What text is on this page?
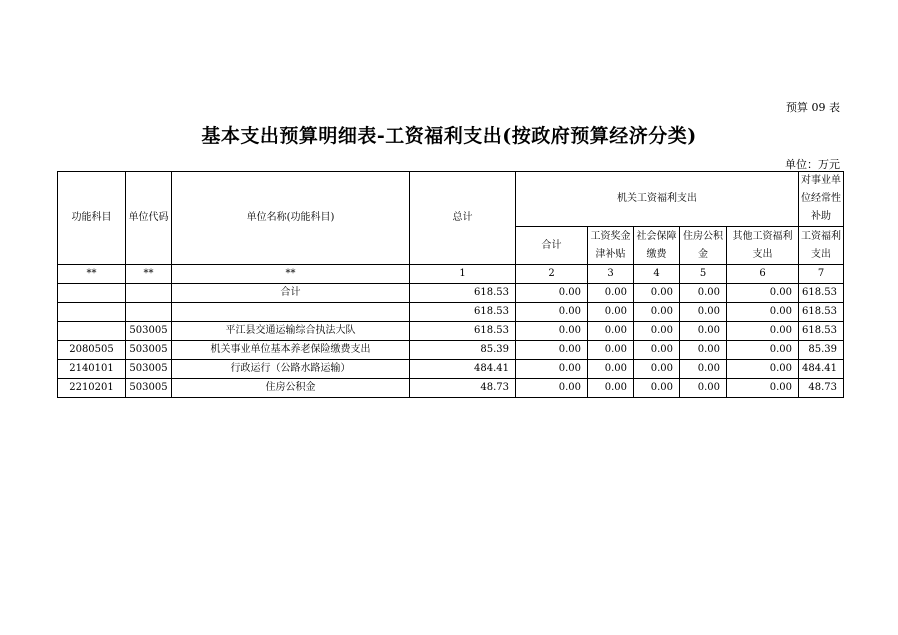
预算 09 表
基本支出预算明细表-工资福利支出(按政府预算经济分类)
单位：万元
功能科目	单位代码	单位名称(功能科目)	总计	机关工资福利支出					对事业单位经常性补助
				合计	工资奖金津补贴	社会保障缴费	住房公积金	其他工资福利支出	工资福利支出
**	**	**	1	2	3	4	5	6	7
		合计	618.53	0.00	0.00	0.00	0.00	0.00	618.53
			618.53	0.00	0.00	0.00	0.00	0.00	618.53
	503005	平江县交通运输综合执法大队	618.53	0.00	0.00	0.00	0.00	0.00	618.53
2080505	503005	机关事业单位基本养老保险缴费支出	85.39	0.00	0.00	0.00	0.00	0.00	85.39
2140101	503005	行政运行（公路水路运输）	484.41	0.00	0.00	0.00	0.00	0.00	484.41
2210201	503005	住房公积金	48.73	0.00	0.00	0.00	0.00	0.00	48.73
